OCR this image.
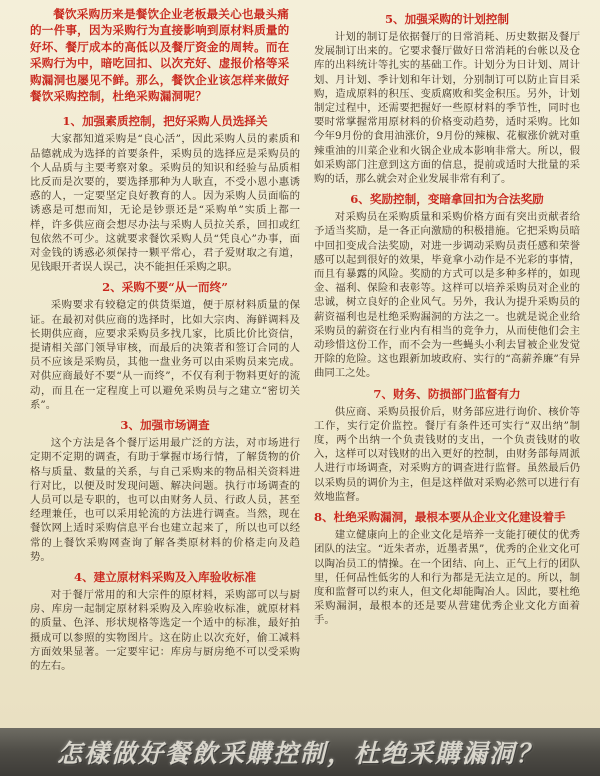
餐饮采购历来是餐饮企业老板最关心也最头痛的一件事，因为采购行为直接影响到原材料质量的好坏、餐厅成本的高低以及餐厅资金的周转。而在采购行为中，暗吃回扣、以次充好、虚报价格等采购漏洞也屡见不鲜。那么，餐饮企业该怎样来做好餐饮采购控制，杜绝采购漏洞呢？

1、加强素质控制，把好采购人员选择关

大家都知道采购是“良心活”，因此采购人员的素质和品德就成为选择的首要条件，采购员的选择应是采购员的个人品质与主要考察对象。采购员的知识和经验与品质相比反而是次要的，要选择那种为人耿直，不受小恩小惠诱惑的人，一定要坚定良好教育的人。因为采购人员面临的诱惑是可想而知，无论是钞票还是“采购单”实质上都一样，许多供应商会想尽办法与采购人员拉关系，回扣或红包依然不可少。这就要求餐饮采购人员“凭良心”办事，面对金钱的诱惑必须保持一颗平常心，君子爱财取之有道，见钱眼开者误人误己，决不能担任采购之职。

2、采购不要“从一而终”

采购要求有较稳定的供货渠道，便于原材料质量的保证。在最初对供应商的选择时，比如大宗肉、海鲜调料及长期供应商，应要求采购员多找几家，比质比价比资信，提请相关部门领导审核，而最后的决策者和签订合同的人员不应该是采购员，其他一盘业务可以由采购员来完成。对供应商最好不要“从一而终”，不仅有利于物料更好的流动，而且在一定程度上可以避免采购员与之建立“密切关系”。

3、加强市场调查

这个方法是各个餐厅运用最广泛的方法，对市场进行定期不定期的调查，有助于掌握市场行情，了解货物的价格与质量、数量的关系，与自己采购来的物品相关资料进行对比，以便及时发现问题、解决问题。执行市场调查的人员可以是专职的，也可以由财务人员、行政人员，甚至经理兼任，也可以采用轮流的方法进行调查。当然，现在餐饮网上适时采购信息平台也建立起来了，所以也可以经常的上餐饮采购网查询了解各类原材料的价格走向及趋势。

4、建立原材料采购及入库验收标准

对于餐厅常用的和大宗件的原材料，采购部可以与厨房、库房一起制定原材料采购及入库验收标准，就原材料的质量、色泽、形状规格等选定一个适中的标准，最好拍摄成可以参照的实物图片。这在防止以次充好，偷工减料方面效果显著。一定要牢记：库房与厨房绝不可以受采购的左右。

5、加强采购的计划控制

计划的制订是依据餐厅的日常消耗、历史数据及餐厅发展制订出来的。它要求餐厅做好日常消耗的台帐以及仓库的出料统计等扎实的基础工作。计划分为日计划、周计划、月计划、季计划和年计划，分别制订可以防止盲目采购，造成原料的积压、变质腐败和奖金积压。另外，计划制定过程中，还需要把握好一些原材料的季节性，同时也要时常掌握常用原材料的价格变动趋势，适时采购。比如今年9月份的食用油涨价，9月份的辣椒、花椒涨价就对重辣重油的川菜企业和火锅企业成本影响非常大。所以，假如采购部门注意到这方面的信息，提前或适时大批量的采购的话，那么就会对企业发展非常有利了。

6、奖励控制，变暗拿回扣为合法奖励

对采购员在采购质量和采购价格方面有突出贡献者给予适当奖励，是一各正向激励的积极措施。它把采购员暗中回扣变成合法奖励，对进一步调动采购员责任感和荣誉感可以起到很好的效果，毕竟拿小动作是不光彩的事情，而且有暴露的风险。奖励的方式可以是多种多样的，如现金、福利、保险和表彰等。这样可以培养采购员对企业的忠诚，树立良好的企业风气。另外，我认为提升采购员的薪资福利也是杜绝采购漏洞的方法之一。也就是说企业给采购员的薪资在行业内有相当的竞争力，从而使他们会主动珍惜这份工作，而不会为一些蝇头小利去冒被企业发觉开除的危险。这也跟新加坡政府、实行的“高薪养廉”有异曲同工之处。

7、财务、防损部门监督有力

供应商、采购员报价后，财务部应进行询价、核价等工作，实行定价监控。餐厅有条件还可实行“双出纳”制度，两个出纳一个负责钱财的支出，一个负责钱财的收入，这样可以对钱财的出入更好的控制，由财务部每周派人进行市场调查，对采购方的调查进行监督。虽然最后仍以采购员的调价为主，但是这样做对采购必然可以进行有效地监督。

8、杜绝采购漏洞，最根本要从企业文化建设着手

建立健康向上的企业文化是培养一支能打硬仗的优秀团队的法宝。“近朱者赤，近墨者黑”，优秀的企业文化可以陶冶员工的情操。在一个团结、向上、正气上行的团队里，任何品性低劣的人和行为都是无法立足的。所以，制度和监督可以约束人，但文化却能陶冶人。因此，要杜绝采购漏洞，最根本的还是要从营建优秀企业文化方面着手。

怎樣做好餐飲采購控制，杜绝采購漏洞？
